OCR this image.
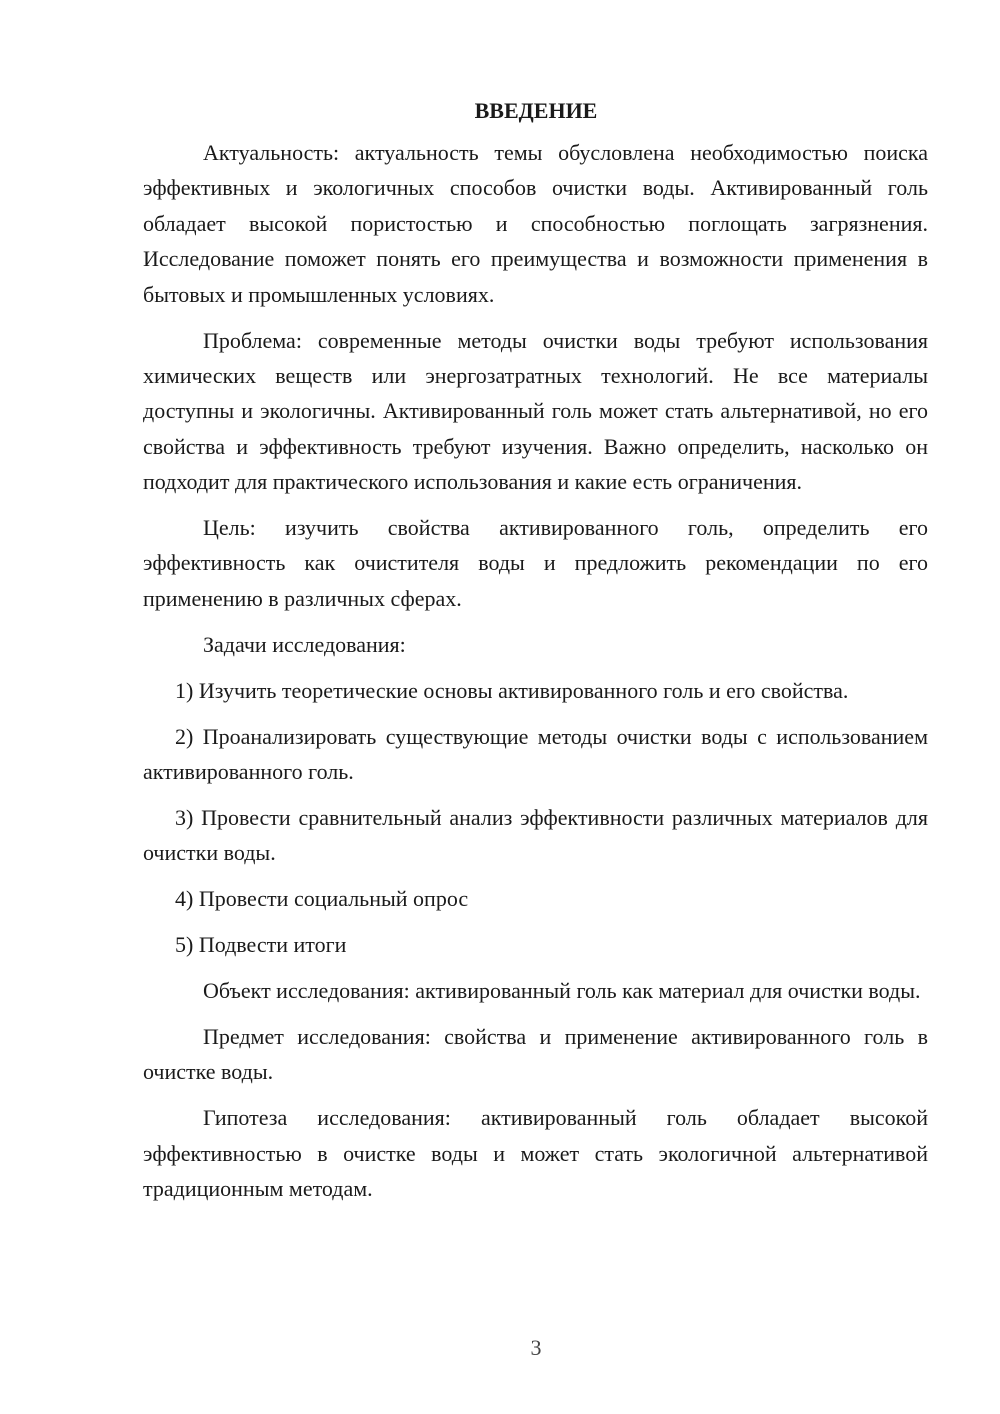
ВВЕДЕНИЕ

Актуальность: актуальность темы обусловлена необходимостью поиска эффективных и экологичных способов очистки воды. Активированный голь обладает высокой пористостью и способностью поглощать загрязнения. Исследование поможет понять его преимущества и возможности применения в бытовых и промышленных условиях.

Проблема: современные методы очистки воды требуют использования химических веществ или энергозатратных технологий. Не все материалы доступны и экологичны. Активированный голь может стать альтернативой, но его свойства и эффективность требуют изучения. Важно определить, насколько он подходит для практического использования и какие есть ограничения.

Цель: изучить свойства активированного голь, определить его эффективность как очистителя воды и предложить рекомендации по его применению в различных сферах.

Задачи исследования:

1) Изучить теоретические основы активированного голь и его свойства.

2) Проанализировать существующие методы очистки воды с использованием активированного голь.

3) Провести сравнительный анализ эффективности различных материалов для очистки воды.

4) Провести социальный опрос

5) Подвести итоги

Объект исследования: активированный голь как материал для очистки воды.

Предмет исследования: свойства и применение активированного голь в очистке воды.

Гипотеза исследования: активированный голь обладает высокой эффективностью в очистке воды и может стать экологичной альтернативой традиционным методам.

3
